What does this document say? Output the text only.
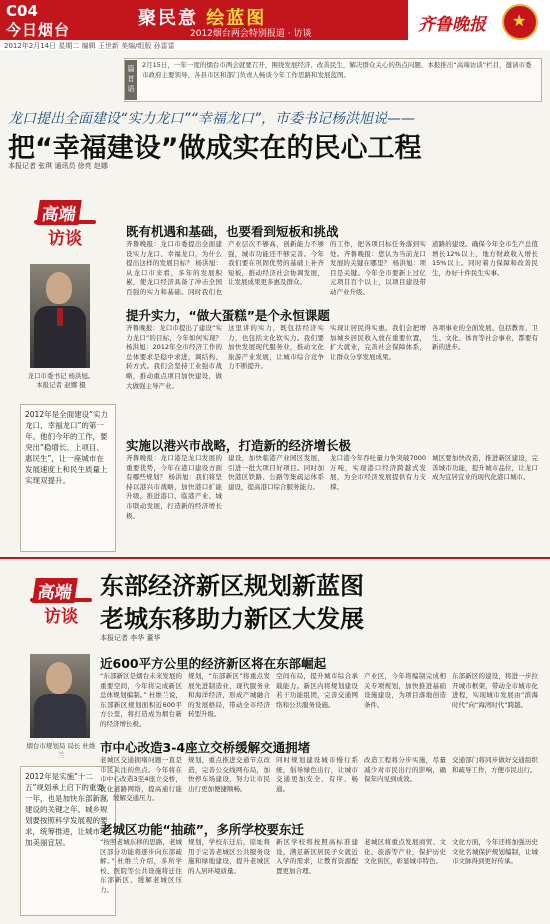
C04
今日烟台
聚民意 绘蓝图
2012烟台两会特别报道 · 访谈	齐鲁晚报 ★
2012年2月14日 星期二 编辑 王世新 美编/组版 孙雷雷
篇首语
2月15日，一年一度的烟台市两会就要召开，围绕发展经济、改善民生，解决群众关心的热点问题，本报推出“高端访谈”栏目，邀请市委市政府主要领导、各县市区和部门负责人畅谈今年工作思路和发展蓝图。
龙口提出全面建设“实力龙口”“幸福龙口”，市委书记杨洪旭说——
把“幸福建设”做成实在的民心工程
本报记者 张琪 通讯员 徐亮 赵娜
高端
访谈
龙口市委书记 杨洪旭。 本报记者 赵娜 摄
2012年是全面建设“实力龙口、幸福龙口”的第一年。他们今年的工作，要突出“稳增长、上项目、惠民生”，让一座城市在发展速度上和民生质量上实现双提升。
既有机遇和基础，也要看到短板和挑战
齐鲁晚报：龙口市委提出全面建设实力龙口、幸福龙口，为什么提出这样的发展目标？ 杨洪旭：从龙口市来看，多年的发展积累，使龙口经济具备了冲击全国百强的实力和基础。同时我们也
产业层次不够高，创新能力不够强，城市功能还不够完善。今年我们要在巩固优势的基础上补齐短板，推动经济社会协调发展，让发展成果更多惠及群众。
的工作，把各项目标任务落到实处。齐鲁晚报：您认为当前龙口发展的关键在哪里？ 杨洪旭：项目是关键。今年全市要新上过亿元项目百个以上，以项目建设带动产业升级。
道路的建设。确保今年全市生产总值增长12%以上，地方财政收入增长15%以上。同时着力保障和改善民生，办好十件民生实事。
提升实力，“做大蛋糕”是个永恒课题
齐鲁晚报：龙口市提出了建设“实力龙口”的目标，今年如何实现？ 杨洪旭：2012年全市经济工作的总体要求是稳中求进，调结构、转方式。我们会坚持工业强市战略，推动重点项目加快建设，做大做强主导产业。
这里讲的实力，既包括经济实力，也包括文化软实力。我们要加快发展现代服务业，推动文化旅游产业发展，让城市综合竞争力不断提升。
实现让居民得实惠。我们会把增加城乡居民收入放在重要位置，扩大就业，完善社会保障体系，让群众分享发展成果。
各项事业的全面发展。包括教育、卫生、文化、体育等社会事业，都要有新的进步。
实施以港兴市战略，打造新的经济增长极
齐鲁晚报：龙口港是龙口发展的重要优势，今年在港口建设方面有哪些规划？ 杨洪旭：我们将坚持以港兴市战略，加快港口扩能升级，推进港口、临港产业、城市联动发展，打造新的经济增长极。
建设，加快临港产业园区发展，引进一批大项目好项目。同时加快港区铁路、公路等集疏运体系建设，提高港口综合服务能力。
龙口港今年吞吐量力争突破7000万吨，实现港口经济跨越式发展，为全市经济发展提供有力支撑。
城区要加快改造，推进新区建设，完善城市功能，提升城市品位，让龙口成为宜居宜业的现代化港口城市。
高端
访谈
东部经济新区规划新蓝图
老城东移助力新区大发展
本报记者 李华 董华
烟台市规划局 局长 杜维兰
2012年是实施“十二五”规划承上启下的重要一年，也是加快东部新区建设的关键之年。城乡规划要按照科学发展观的要求，统筹推进，让城市更加美丽宜居。
近600平方公里的经济新区将在东部崛起
“东部新区是烟台未来发展的重要空间，今年将完成新区总体规划编制。” 杜维兰说，东部新区规划面积近600平方公里，将打造成为烟台新的经济增长极。
规划，“东部新区”将重点发展先进制造业、现代服务业和海洋经济，形成产城融合的发展格局，带动全市经济转型升级。
空间布局，提升城市综合承载能力。新区内将规划建设若干功能组团，完善交通网络和公共服务设施。
产业区，今年将编制完成相关专项规划，加快推进基础设施建设，为项目落地创造条件。
东部新区的建设，将进一步拉开城市框架，带动全市城市化进程，实现城市发展由“滨海时代”向“海湾时代”跨越。
市中心改造3-4座立交桥缓解交通拥堵
老城区交通拥堵问题一直是市民关注的焦点。今年将在市中心改造3至4座立交桥，优化道路网络，提高通行能力，缓解交通压力。
规划，重点推进交通节点改造，完善公交线网布局，加快停车场建设，努力让市民出行更加便捷顺畅。
同时规划建设城市慢行系统，倡导绿色出行，让城市交通更加安全、有序、畅通。
改造工程将分步实施，尽量减少对市民出行的影响，确保年内见到成效。
交通部门将同步做好交通组织和疏导工作，方便市民出行。
老城区功能“抽疏”，多所学校要东迁
“按照老城东移的思路，老城区部分功能将逐步向东部疏解。” 杜维兰介绍，多所学校、医院等公共设施将迁往东部新区，缓解老城区压力。
规划，学校东迁后，原址将用于完善老城区公共服务设施和绿地建设，提升老城区的人居环境质量。
新区学校将按照高标准建设，满足新区居民子女就近入学的需求，让教育资源配置更加合理。
老城区将重点发展商贸、文化、旅游等产业，保护历史文化街区，彰显城市特色。
文化方面，今年还将加强历史文化名城保护规划编制，让城市文脉得到更好传承。
